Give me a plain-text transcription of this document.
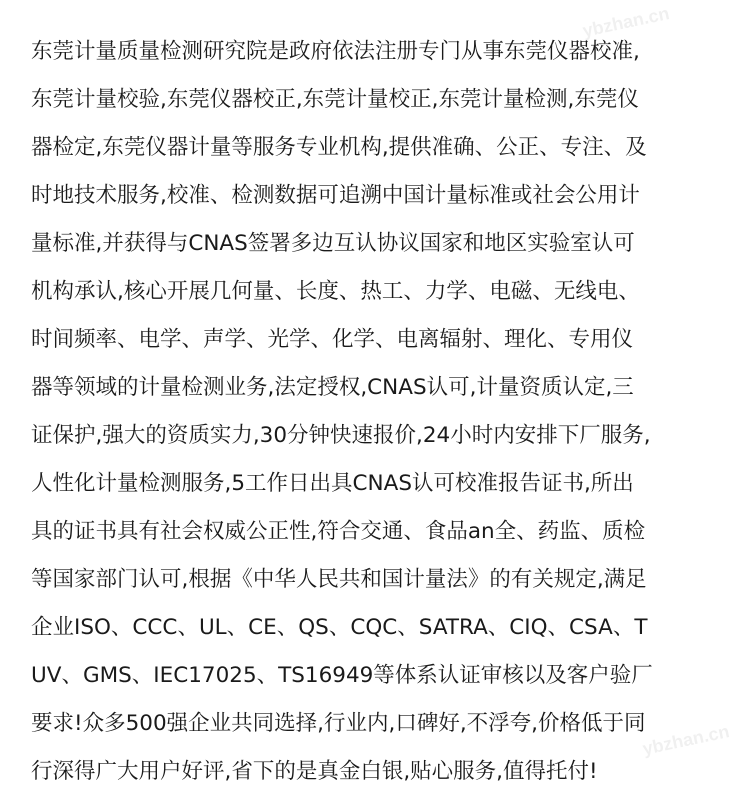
ybzhan.cn
ybzhan.cn
东莞计量质量检测研究院是政府依法注册专门从事东莞仪器校准,
东莞计量校验,东莞仪器校正,东莞计量校正,东莞计量检测,东莞仪
器检定,东莞仪器计量等服务专业机构,提供准确、公正、专注、及
时地技术服务,校准、检测数据可追溯中国计量标准或社会公用计
量标准,并获得与CNAS签署多边互认协议国家和地区实验室认可
机构承认,核心开展几何量、长度、热工、力学、电磁、无线电、
时间频率、电学、声学、光学、化学、电离辐射、理化、专用仪
器等领域的计量检测业务,法定授权,CNAS认可,计量资质认定,三
证保护,强大的资质实力,30分钟快速报价,24小时内安排下厂服务,
人性化计量检测服务,5工作日出具CNAS认可校准报告证书,所出
具的证书具有社会权威公正性,符合交通、食品an全、药监、质检
等国家部门认可,根据《中华人民共和国计量法》的有关规定,满足
企业ISO、CCC、UL、CE、QS、CQC、SATRA、CIQ、CSA、T
UV、GMS、IEC17025、TS16949等体系认证审核以及客户验厂
要求!众多500强企业共同选择,行业内,口碑好,不浮夸,价格低于同
行深得广大用户好评,省下的是真金白银,贴心服务,值得托付!
